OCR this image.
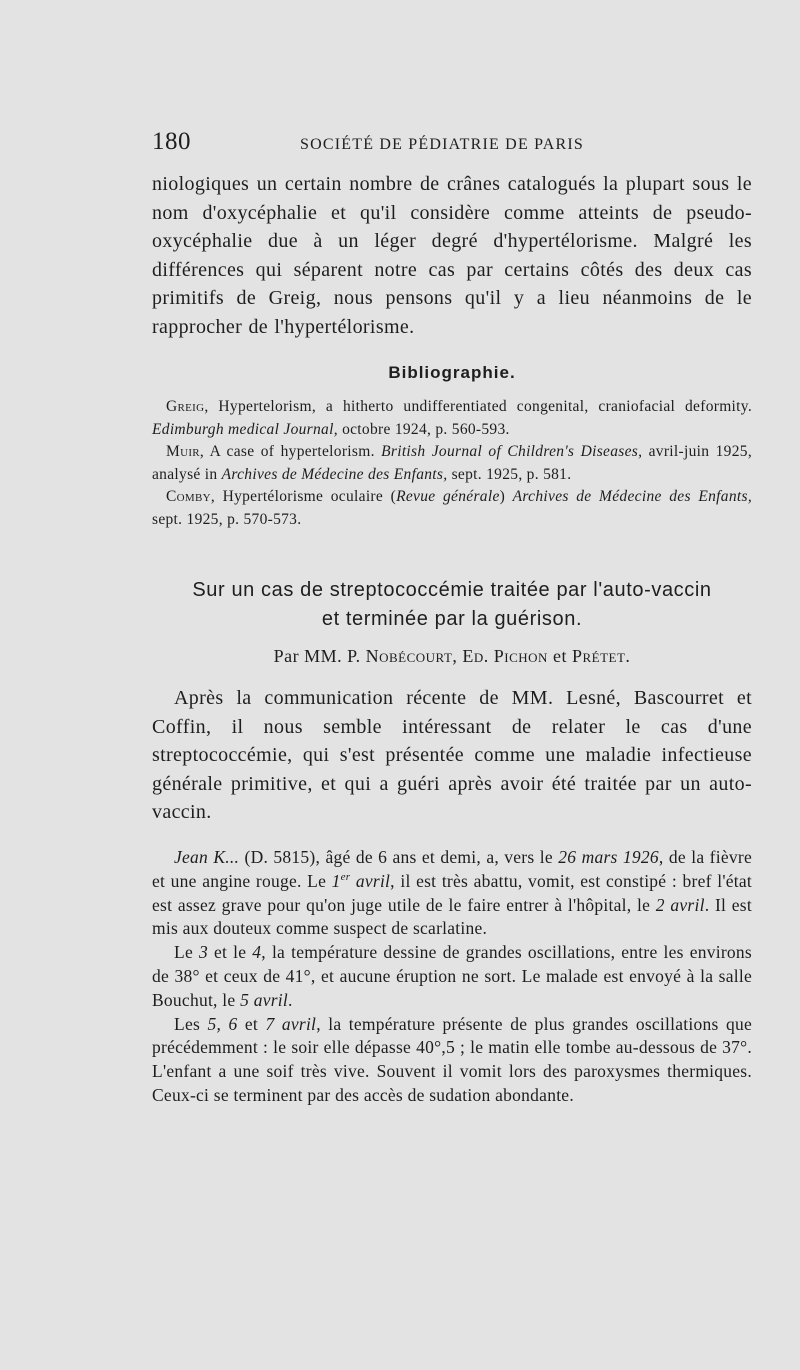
180	SOCIÉTÉ DE PÉDIATRIE DE PARIS

niologiques un certain nombre de crânes catalogués la plupart sous le nom d'oxycéphalie et qu'il considère comme atteints de pseudo-oxycéphalie due à un léger degré d'hypertélorisme. Malgré les différences qui séparent notre cas par certains côtés des deux cas primitifs de Greig, nous pensons qu'il y a lieu néanmoins de le rapprocher de l'hypertélorisme.

Bibliographie.

Greig, Hypertelorism, a hitherto undifferentiated congenital, craniofacial deformity. Edimburgh medical Journal, octobre 1924, p. 560-593.

Muir, A case of hypertelorism. British Journal of Children's Diseases, avril-juin 1925, analysé in Archives de Médecine des Enfants, sept. 1925, p. 581.

Comby, Hypertélorisme oculaire (Revue générale) Archives de Médecine des Enfants, sept. 1925, p. 570-573.

Sur un cas de streptococcémie traitée par l'auto-vaccin
et terminée par la guérison.
Par MM. P. Nobécourt, Ed. Pichon et Prétet.

Après la communication récente de MM. Lesné, Bascourret et Coffin, il nous semble intéressant de relater le cas d'une streptococcémie, qui s'est présentée comme une maladie infectieuse générale primitive, et qui a guéri après avoir été traitée par un auto-vaccin.

Jean K... (D. 5815), âgé de 6 ans et demi, a, vers le 26 mars 1926, de la fièvre et une angine rouge. Le 1er avril, il est très abattu, vomit, est constipé : bref l'état est assez grave pour qu'on juge utile de le faire entrer à l'hôpital, le 2 avril. Il est mis aux douteux comme suspect de scarlatine.

Le 3 et le 4, la température dessine de grandes oscillations, entre les environs de 38° et ceux de 41°, et aucune éruption ne sort. Le malade est envoyé à la salle Bouchut, le 5 avril.

Les 5, 6 et 7 avril, la température présente de plus grandes oscillations que précédemment : le soir elle dépasse 40°,5 ; le matin elle tombe au-dessous de 37°. L'enfant a une soif très vive. Souvent il vomit lors des paroxysmes thermiques. Ceux-ci se terminent par des accès de sudation abondante.
